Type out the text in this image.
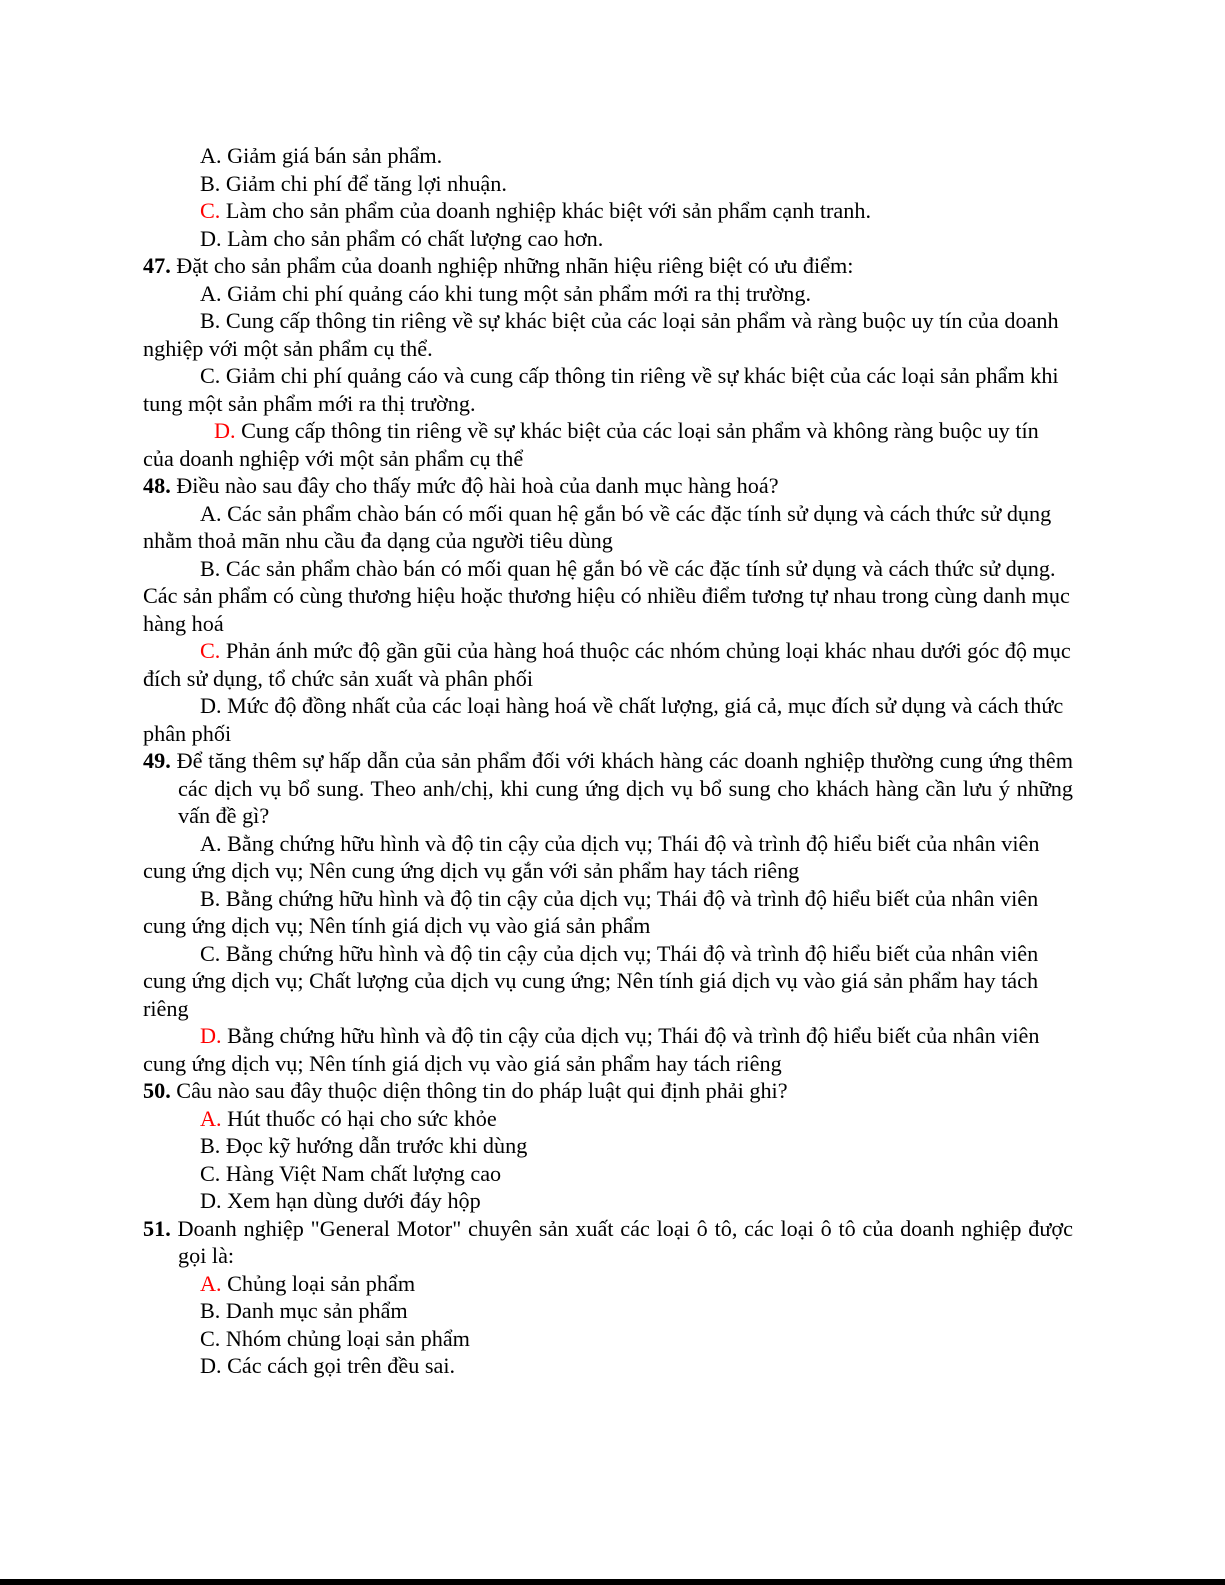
A. Giảm giá bán sản phẩm.

B. Giảm chi phí để tăng lợi nhuận.

C. Làm cho sản phẩm của doanh nghiệp khác biệt với sản phẩm cạnh tranh.

D. Làm cho sản phẩm có chất lượng cao hơn.

47. Đặt cho sản phẩm của doanh nghiệp những nhãn hiệu riêng biệt có ưu điểm:

A. Giảm chi phí quảng cáo khi tung một sản phẩm mới ra thị trường.

B. Cung cấp thông tin riêng về sự khác biệt của các loại sản phẩm và ràng buộc uy tín của doanh nghiệp với một sản phẩm cụ thể.

C. Giảm chi phí quảng cáo và cung cấp thông tin riêng về sự khác biệt của các loại sản phẩm khi tung một sản phẩm mới ra thị trường.

D. Cung cấp thông tin riêng về sự khác biệt của các loại sản phẩm và không ràng buộc uy tín của doanh nghiệp với một sản phẩm cụ thể

48. Điều nào sau đây cho thấy mức độ hài hoà của danh mục hàng hoá?

A. Các sản phẩm chào bán có mối quan hệ gắn bó về các đặc tính sử dụng và cách thức sử dụng nhằm thoả mãn nhu cầu đa dạng của người tiêu dùng

B. Các sản phẩm chào bán có mối quan hệ gắn bó về các đặc tính sử dụng và cách thức sử dụng. Các sản phẩm có cùng thương hiệu hoặc thương hiệu có nhiều điểm tương tự nhau trong cùng danh mục hàng hoá

C. Phản ánh mức độ gần gũi của hàng hoá thuộc các nhóm chủng loại khác nhau dưới góc độ mục đích sử dụng, tổ chức sản xuất và phân phối

D. Mức độ đồng nhất của các loại hàng hoá về chất lượng, giá cả, mục đích sử dụng và cách thức phân phối

49. Để tăng thêm sự hấp dẫn của sản phẩm đối với khách hàng các doanh nghiệp thường cung ứng thêm các dịch vụ bổ sung. Theo anh/chị, khi cung ứng dịch vụ bổ sung cho khách hàng cần lưu ý những vấn đề gì?

A. Bằng chứng hữu hình và độ tin cậy của dịch vụ; Thái độ và trình độ hiểu biết của nhân viên cung ứng dịch vụ; Nên cung ứng dịch vụ gắn với sản phẩm hay tách riêng

B. Bằng chứng hữu hình và độ tin cậy của dịch vụ; Thái độ và trình độ hiểu biết của nhân viên cung ứng dịch vụ; Nên tính giá dịch vụ vào giá sản phẩm

C. Bằng chứng hữu hình và độ tin cậy của dịch vụ; Thái độ và trình độ hiểu biết của nhân viên cung ứng dịch vụ; Chất lượng của dịch vụ cung ứng; Nên tính giá dịch vụ vào giá sản phẩm hay tách riêng

D. Bằng chứng hữu hình và độ tin cậy của dịch vụ; Thái độ và trình độ hiểu biết của nhân viên cung ứng dịch vụ; Nên tính giá dịch vụ vào giá sản phẩm hay tách riêng

50. Câu nào sau đây thuộc diện thông tin do pháp luật qui định phải ghi?

A. Hút thuốc có hại cho sức khỏe

B. Đọc kỹ hướng dẫn trước khi dùng

C. Hàng Việt Nam chất lượng cao

D. Xem hạn dùng dưới đáy hộp

51. Doanh nghiệp "General Motor" chuyên sản xuất các loại ô tô, các loại ô tô của doanh nghiệp được gọi là:

A. Chủng loại sản phẩm

B. Danh mục sản phẩm

C. Nhóm chủng loại sản phẩm

D. Các cách gọi trên đều sai.
